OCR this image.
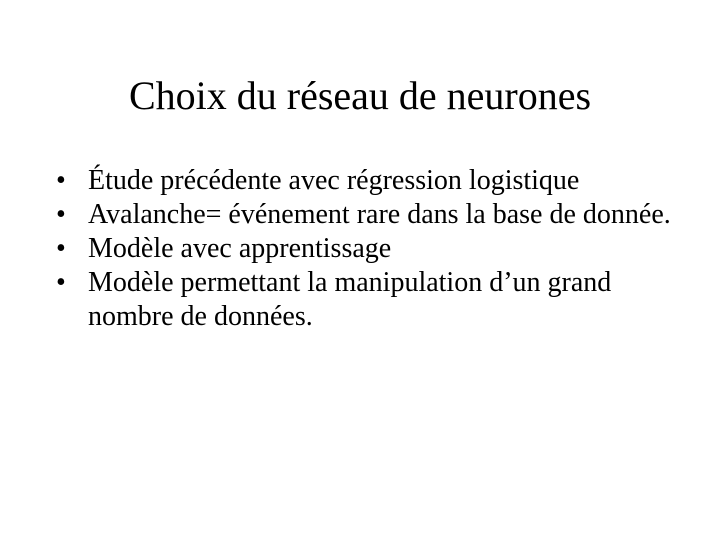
Choix du réseau de neurones
• Étude précédente avec régression logistique
• Avalanche= événement rare dans la base de donnée.
• Modèle avec apprentissage
• Modèle permettant la manipulation d’un grand nombre de données.
